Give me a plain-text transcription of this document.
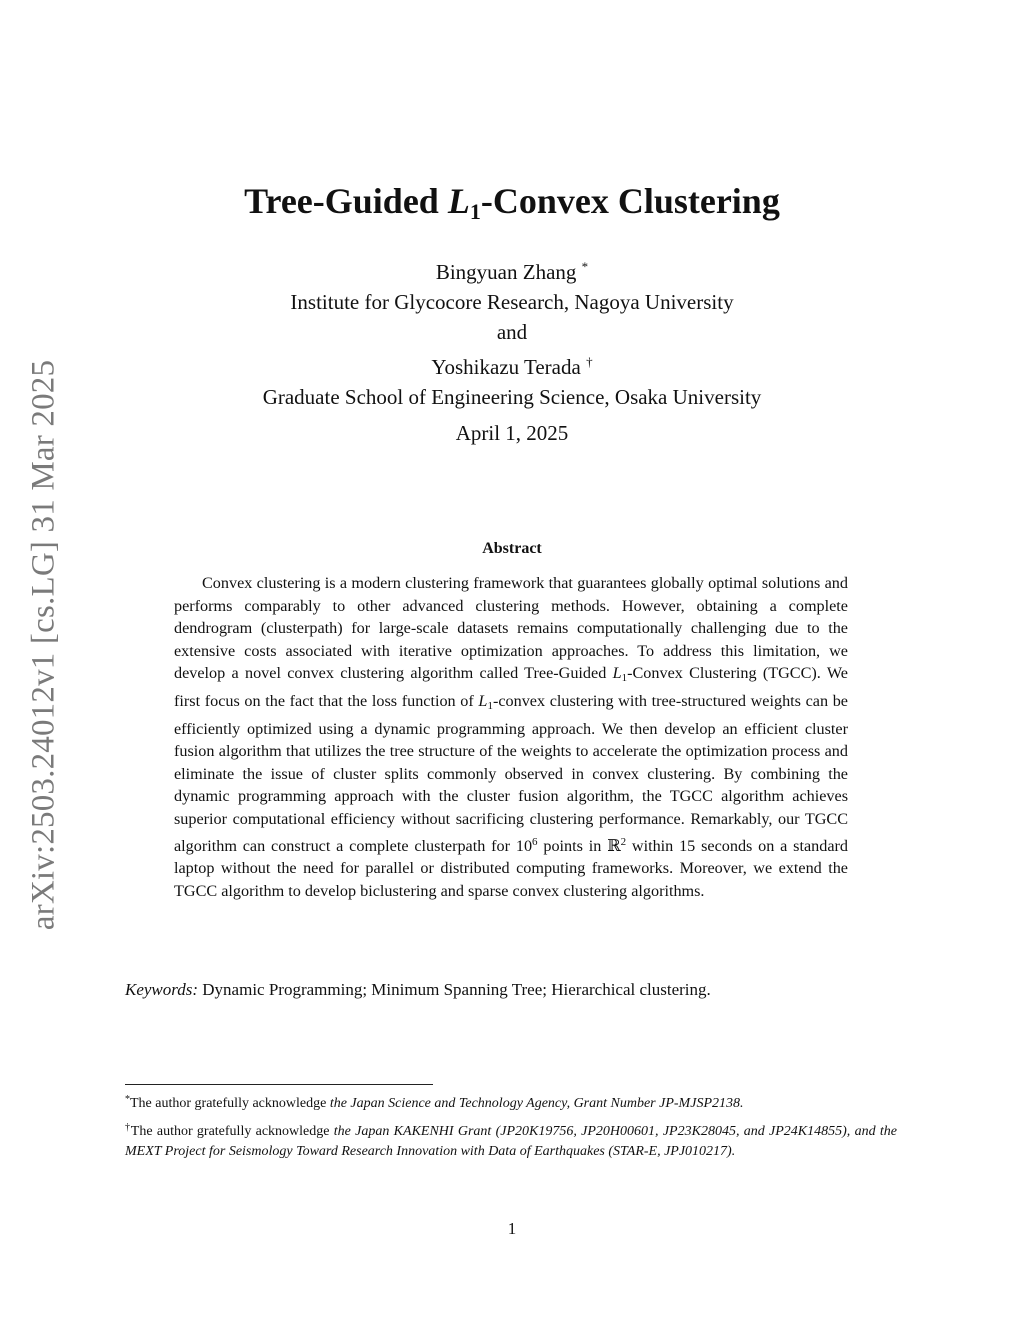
arXiv:2503.24012v1 [cs.LG] 31 Mar 2025
Tree-Guided $L_1$-Convex Clustering
Bingyuan Zhang *
Institute for Glycocore Research, Nagoya University
and
Yoshikazu Terada †
Graduate School of Engineering Science, Osaka University
April 1, 2025
Abstract

Convex clustering is a modern clustering framework that guarantees globally optimal solutions and performs comparably to other advanced clustering methods. However, obtaining a complete dendrogram (clusterpath) for large-scale datasets remains computationally challenging due to the extensive costs associated with iterative optimization approaches. To address this limitation, we develop a novel convex clustering algorithm called Tree-Guided $L_1$-Convex Clustering (TGCC). We first focus on the fact that the loss function of $L_1$-convex clustering with tree-structured weights can be efficiently optimized using a dynamic programming approach. We then develop an efficient cluster fusion algorithm that utilizes the tree structure of the weights to accelerate the optimization process and eliminate the issue of cluster splits commonly observed in convex clustering. By combining the dynamic programming approach with the cluster fusion algorithm, the TGCC algorithm achieves superior computational efficiency without sacrificing clustering performance. Remarkably, our TGCC algorithm can construct a complete clusterpath for $10^6$ points in ℝ$^2$ within 15 seconds on a standard laptop without the need for parallel or distributed computing frameworks. Moreover, we extend the TGCC algorithm to develop biclustering and sparse convex clustering algorithms.

Keywords: Dynamic Programming; Minimum Spanning Tree; Hierarchical clustering.

*The author gratefully acknowledge the Japan Science and Technology Agency, Grant Number JP-MJSP2138.

†The author gratefully acknowledge the Japan KAKENHI Grant (JP20K19756, JP20H00601, JP23K28045, and JP24K14855), and the MEXT Project for Seismology Toward Research Innovation with Data of Earthquakes (STAR-E, JPJ010217).

1
